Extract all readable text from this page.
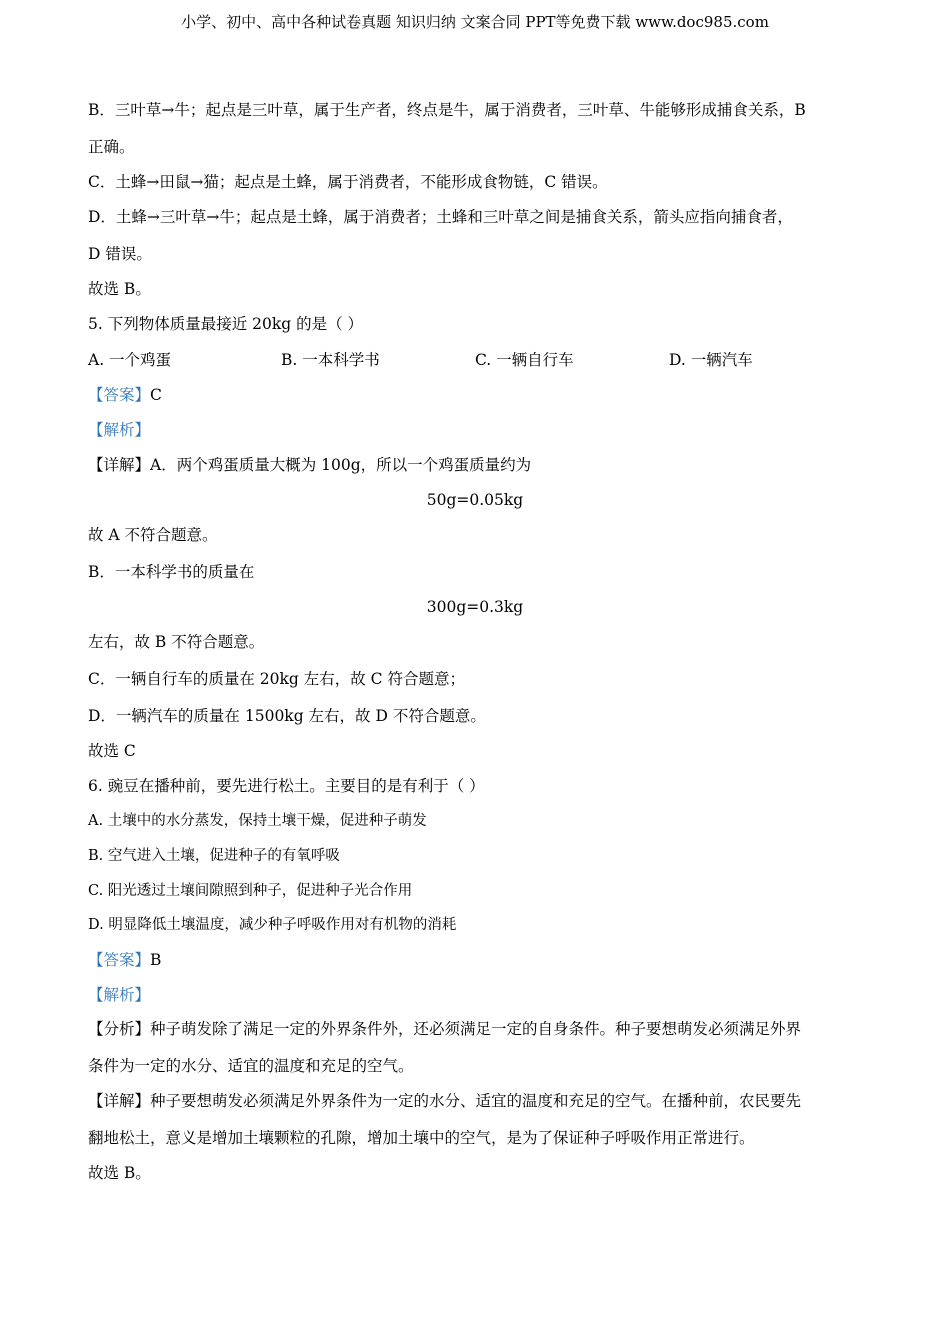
小学、初中、高中各种试卷真题 知识归纳 文案合同 PPT等免费下载 www.doc985.com
B．三叶草→牛；起点是三叶草，属于生产者，终点是牛，属于消费者，三叶草、牛能够形成捕食关系，B
正确。
C．土蜂→田鼠→猫；起点是土蜂，属于消费者，不能形成食物链，C 错误。
D．土蜂→三叶草→牛；起点是土蜂，属于消费者；土蜂和三叶草之间是捕食关系，箭头应指向捕食者，
D 错误。
故选 B。
5. 下列物体质量最接近 20kg 的是（ ）
A. 一个鸡蛋	B. 一本科学书	C. 一辆自行车	D. 一辆汽车
【答案】C
【解析】
【详解】A．两个鸡蛋质量大概为 100g，所以一个鸡蛋质量约为
50g=0.05kg
故 A 不符合题意。
B．一本科学书的质量在
300g=0.3kg
左右，故 B 不符合题意。
C．一辆自行车的质量在 20kg 左右，故 C 符合题意；
D．一辆汽车的质量在 1500kg 左右，故 D 不符合题意。
故选 C
6. 豌豆在播种前，要先进行松土。主要目的是有利于（ ）
A. 土壤中的水分蒸发，保持土壤干燥，促进种子萌发
B. 空气进入土壤，促进种子的有氧呼吸
C. 阳光透过土壤间隙照到种子，促进种子光合作用
D. 明显降低土壤温度，减少种子呼吸作用对有机物的消耗
【答案】B
【解析】
【分析】种子萌发除了满足一定的外界条件外，还必须满足一定的自身条件。种子要想萌发必须满足外界
条件为一定的水分、适宜的温度和充足的空气。
【详解】种子要想萌发必须满足外界条件为一定的水分、适宜的温度和充足的空气。在播种前，农民要先
翻地松土，意义是增加土壤颗粒的孔隙，增加土壤中的空气，是为了保证种子呼吸作用正常进行。
故选 B。
